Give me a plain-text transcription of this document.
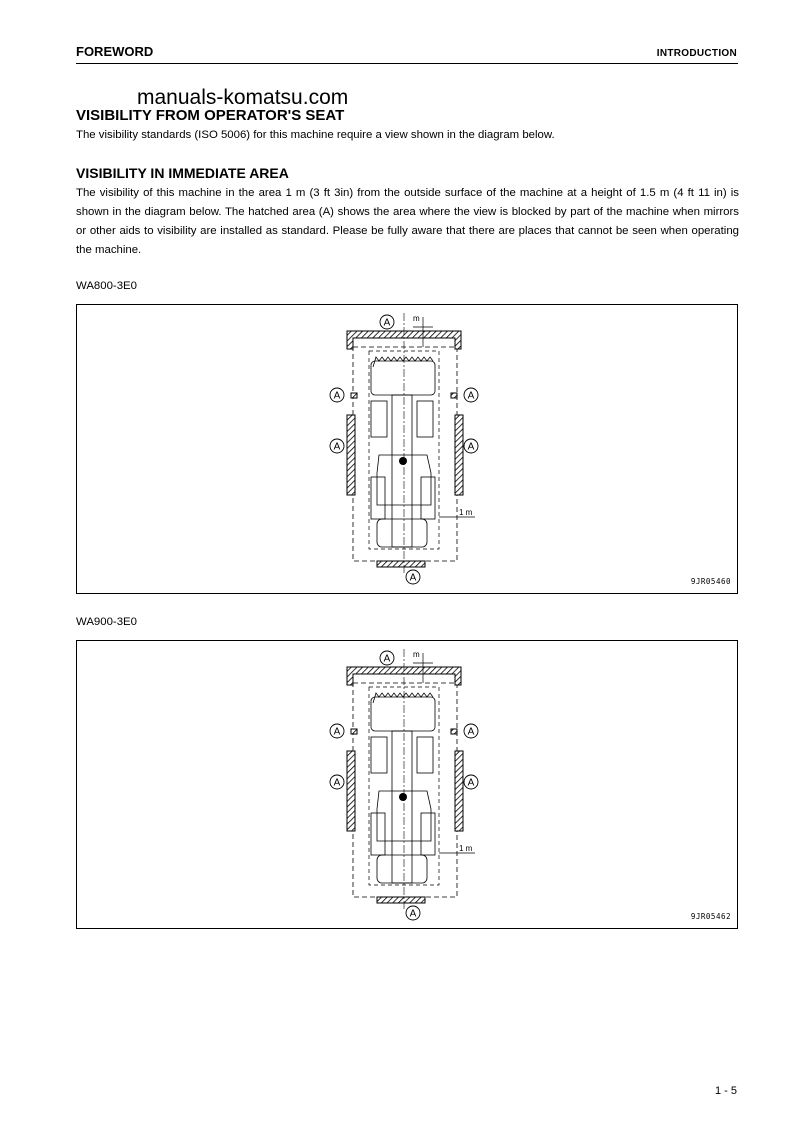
FOREWORD	INTRODUCTION
manuals-komatsu.com
VISIBILITY FROM OPERATOR'S SEAT

The visibility standards (ISO 5006) for this machine require a view shown in the diagram below.

VISIBILITY IN IMMEDIATE AREA

The visibility of this machine in the area 1 m (3 ft 3in) from the outside surface of the machine at a height of 1.5 m (4 ft 11 in) is shown in the diagram below. The hatched area (A) shows the area where the view is blocked by part of the machine when mirrors or other aids to visibility are installed as standard. Please be fully aware that there are places that cannot be seen when operating the machine.

WA800-3E0
m
1 m
A
A	A
A	A
A	9JR05460
WA900-3E0
m
1 m
A
A	A
A	A
A	9JR05462
1 - 5
